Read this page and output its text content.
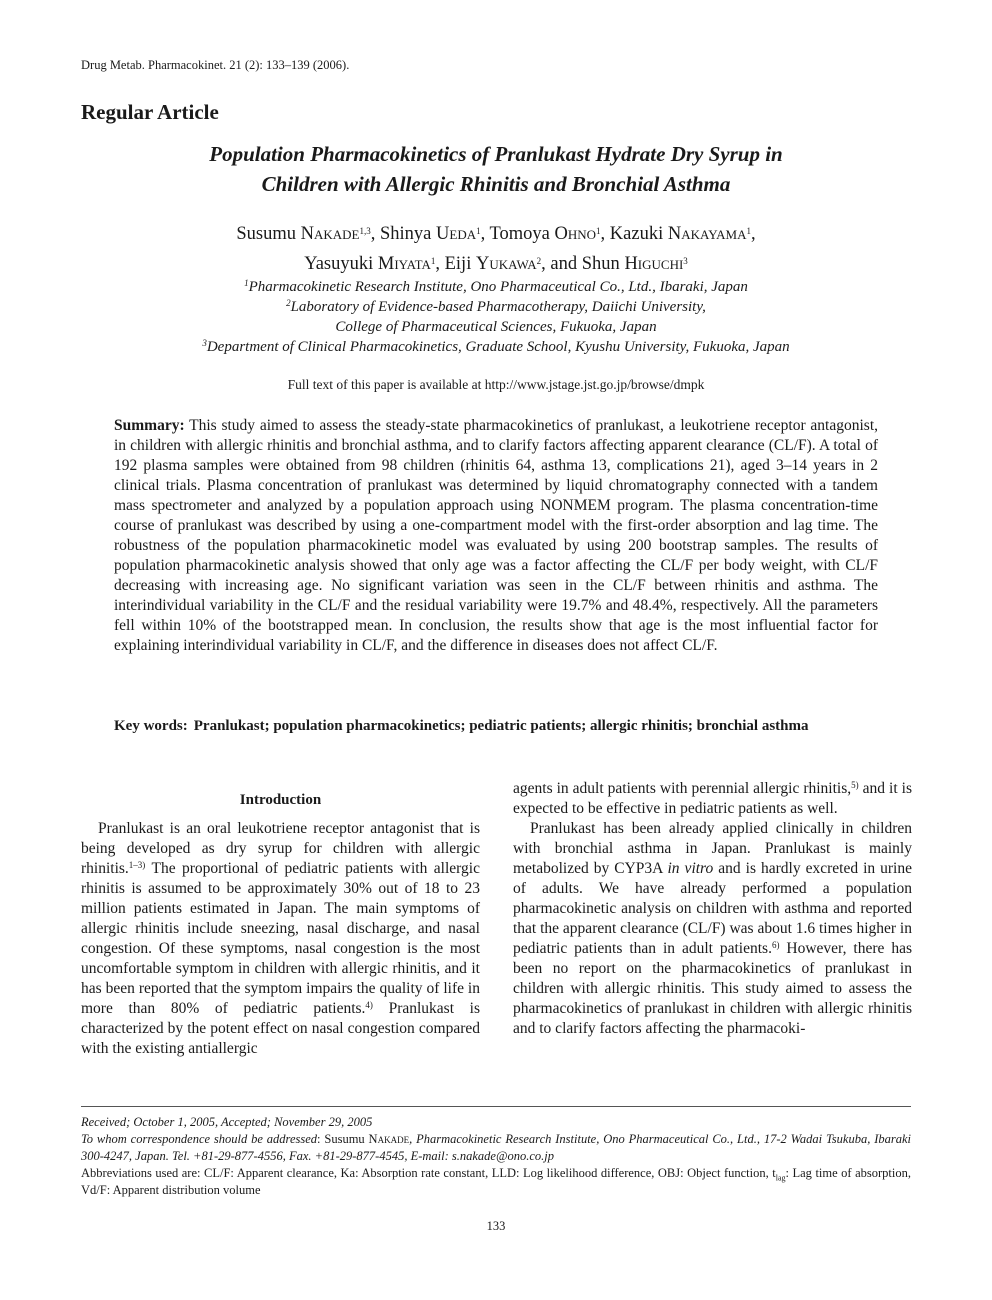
Drug Metab. Pharmacokinet. 21 (2): 133–139 (2006).
Regular Article
Population Pharmacokinetics of Pranlukast Hydrate Dry Syrup in
Children with Allergic Rhinitis and Bronchial Asthma
Susumu Nakade$^{1,3}$, Shinya Ueda$^1$, Tomoya Ohno$^1$, Kazuki Nakayama$^1$,
Yasuyuki Miyata$^1$, Eiji Yukawa$^2$, and Shun Higuchi$^3$
$^1$Pharmacokinetic Research Institute, Ono Pharmaceutical Co., Ltd., Ibaraki, Japan
$^2$Laboratory of Evidence-based Pharmacotherapy, Daiichi University,
College of Pharmaceutical Sciences, Fukuoka, Japan
$^3$Department of Clinical Pharmacokinetics, Graduate School, Kyushu University, Fukuoka, Japan
Full text of this paper is available at http://www.jstage.jst.go.jp/browse/dmpk
Summary: This study aimed to assess the steady-state pharmacokinetics of pranlukast, a leukotriene receptor antagonist, in children with allergic rhinitis and bronchial asthma, and to clarify factors affecting apparent clearance (CL/F). A total of 192 plasma samples were obtained from 98 children (rhinitis 64, asthma 13, complications 21), aged 3–14 years in 2 clinical trials. Plasma concentration of pranlukast was determined by liquid chromatography connected with a tandem mass spectrometer and analyzed by a population approach using NONMEM program. The plasma concentration-time course of pranlukast was described by using a one-compartment model with the first-order absorption and lag time. The robustness of the population pharmacokinetic model was evaluated by using 200 bootstrap samples. The results of population pharmacokinetic analysis showed that only age was a factor affecting the CL/F per body weight, with CL/F decreasing with increasing age. No significant variation was seen in the CL/F between rhinitis and asthma. The interindividual variability in the CL/F and the residual variability were 19.7% and 48.4%, respectively. All the parameters fell within 10% of the bootstrapped mean. In conclusion, the results show that age is the most influential factor for explaining interindividual variability in CL/F, and the difference in diseases does not affect CL/F.
Key words: Pranlukast; population pharmacokinetics; pediatric patients; allergic rhinitis; bronchial asthma
Introduction

Pranlukast is an oral leukotriene receptor antagonist that is being developed as dry syrup for children with allergic rhinitis.$^{1-3)}$ The proportional of pediatric patients with allergic rhinitis is assumed to be approximately 30% out of 18 to 23 million patients estimated in Japan. The main symptoms of allergic rhinitis include sneezing, nasal discharge, and nasal congestion. Of these symptoms, nasal congestion is the most uncomfortable symptom in children with allergic rhinitis, and it has been reported that the symptom impairs the quality of life in more than 80% of pediatric patients.$^{4)}$ Pranlukast is characterized by the potent effect on nasal congestion compared with the existing antiallergic

agents in adult patients with perennial allergic rhinitis,$^{5)}$ and it is expected to be effective in pediatric patients as well.

Pranlukast has been already applied clinically in children with bronchial asthma in Japan. Pranlukast is mainly metabolized by CYP3A in vitro and is hardly excreted in urine of adults. We have already performed a population pharmacokinetic analysis on children with asthma and reported that the apparent clearance (CL/F) was about 1.6 times higher in pediatric patients than in adult patients.$^{6)}$ However, there has been no report on the pharmacokinetics of pranlukast in children with allergic rhinitis. This study aimed to assess the pharmacokinetics of pranlukast in children with allergic rhinitis and to clarify factors affecting the pharmacoki-

Received; October 1, 2005, Accepted; November 29, 2005
To whom correspondence should be addressed: Susumu Nakade, Pharmacokinetic Research Institute, Ono Pharmaceutical Co., Ltd., 17-2 Wadai Tsukuba, Ibaraki 300-4247, Japan. Tel. +81-29-877-4556, Fax. +81-29-877-4545, E-mail: s.nakade@ono.co.jp
Abbreviations used are: CL/F: Apparent clearance, Ka: Absorption rate constant, LLD: Log likelihood difference, OBJ: Object function, $t_{lag}$: Lag time of absorption, Vd/F: Apparent distribution volume
133
